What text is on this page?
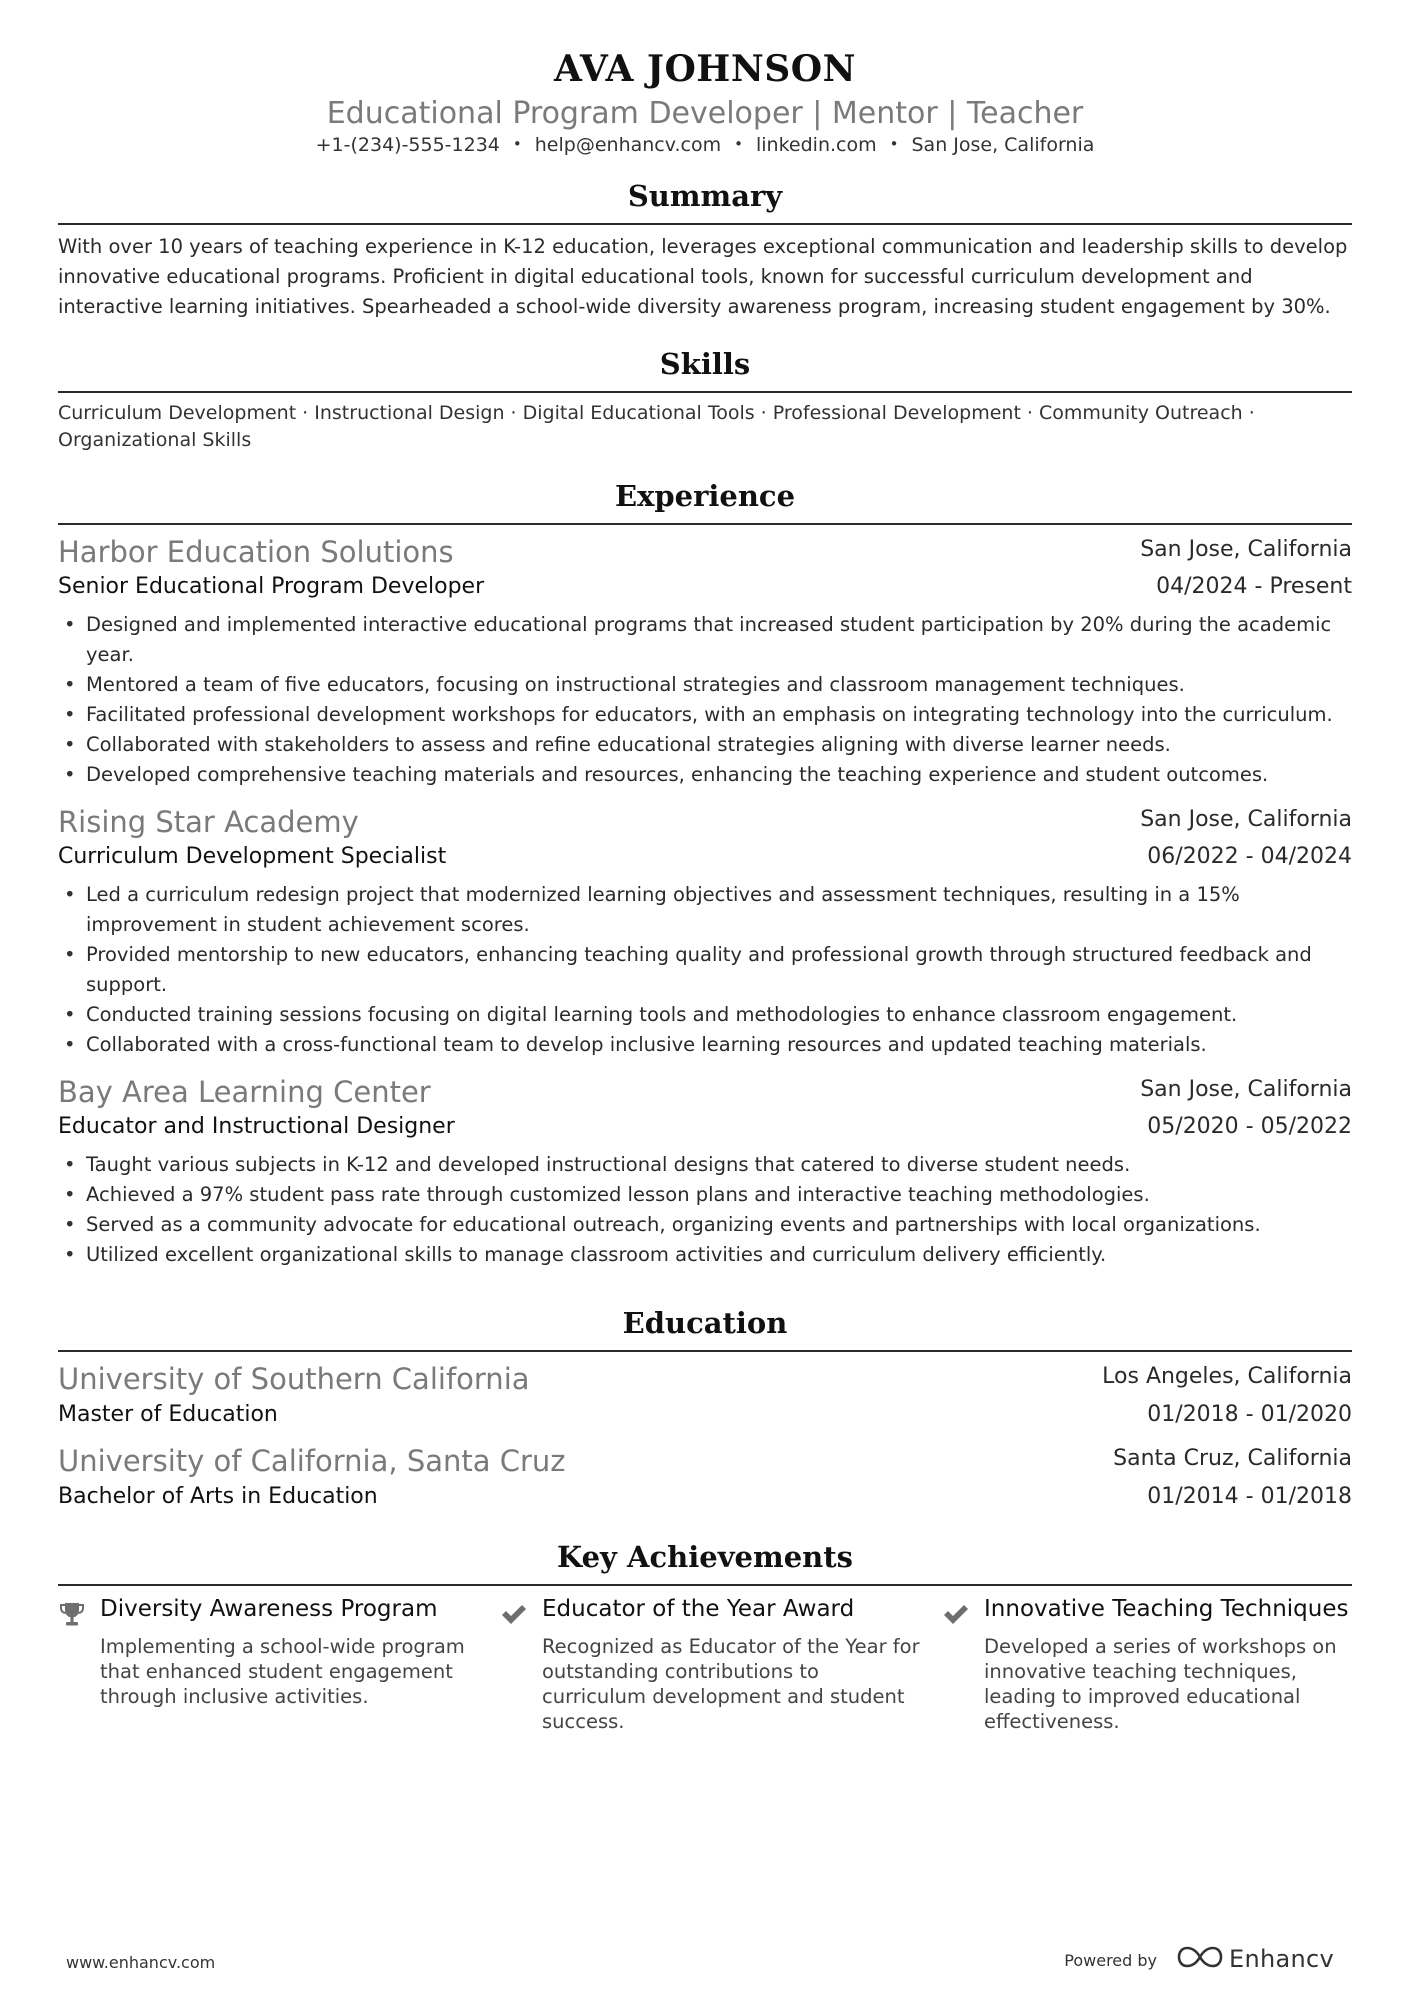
AVA JOHNSON
Educational Program Developer | Mentor | Teacher
+1-(234)-555-1234 • help@enhancv.com • linkedin.com • San Jose, California
Summary
With over 10 years of teaching experience in K-12 education, leverages exceptional communication and leadership skills to develop innovative educational programs. Proficient in digital educational tools, known for successful curriculum development and interactive learning initiatives. Spearheaded a school-wide diversity awareness program, increasing student engagement by 30%.
Skills
Curriculum Development · Instructional Design · Digital Educational Tools · Professional Development · Community Outreach · Organizational Skills
Experience
Harbor Education Solutions	San Jose, California
Senior Educational Program Developer	04/2024 - Present
• Designed and implemented interactive educational programs that increased student participation by 20% during the academic year.
• Mentored a team of five educators, focusing on instructional strategies and classroom management techniques.
• Facilitated professional development workshops for educators, with an emphasis on integrating technology into the curriculum.
• Collaborated with stakeholders to assess and refine educational strategies aligning with diverse learner needs.
• Developed comprehensive teaching materials and resources, enhancing the teaching experience and student outcomes.
Rising Star Academy	San Jose, California
Curriculum Development Specialist	06/2022 - 04/2024
• Led a curriculum redesign project that modernized learning objectives and assessment techniques, resulting in a 15% improvement in student achievement scores.
• Provided mentorship to new educators, enhancing teaching quality and professional growth through structured feedback and support.
• Conducted training sessions focusing on digital learning tools and methodologies to enhance classroom engagement.
• Collaborated with a cross-functional team to develop inclusive learning resources and updated teaching materials.
Bay Area Learning Center	San Jose, California
Educator and Instructional Designer	05/2020 - 05/2022
• Taught various subjects in K-12 and developed instructional designs that catered to diverse student needs.
• Achieved a 97% student pass rate through customized lesson plans and interactive teaching methodologies.
• Served as a community advocate for educational outreach, organizing events and partnerships with local organizations.
• Utilized excellent organizational skills to manage classroom activities and curriculum delivery efficiently.
Education
University of Southern California	Los Angeles, California
Master of Education	01/2018 - 01/2020
University of California, Santa Cruz	Santa Cruz, California
Bachelor of Arts in Education	01/2014 - 01/2018
Key Achievements
Diversity Awareness Program
Implementing a school-wide program that enhanced student engagement through inclusive activities.
Educator of the Year Award
Recognized as Educator of the Year for outstanding contributions to curriculum development and student success.
Innovative Teaching Techniques
Developed a series of workshops on innovative teaching techniques, leading to improved educational effectiveness.
www.enhancv.com	Powered by	Enhancv
